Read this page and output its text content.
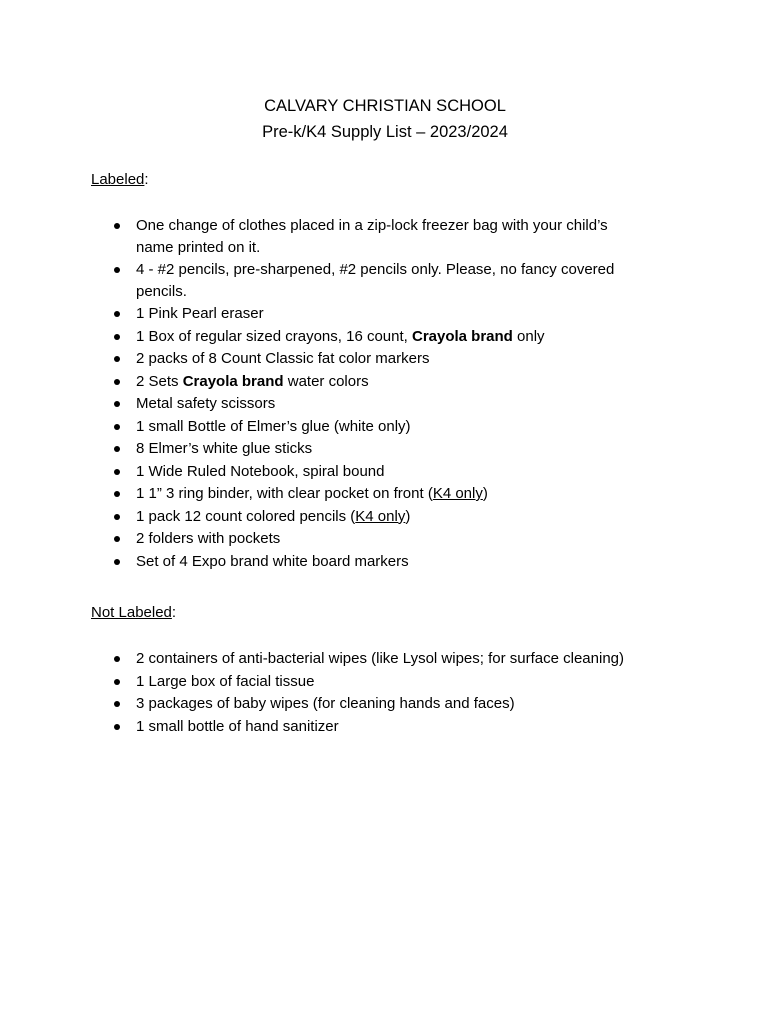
CALVARY CHRISTIAN SCHOOL
Pre-k/K4 Supply List – 2023/2024
Labeled:
One change of clothes placed in a zip-lock freezer bag with your child’s
name printed on it.
4 - #2 pencils, pre-sharpened, #2 pencils only. Please, no fancy covered
pencils.
1 Pink Pearl eraser
1 Box of regular sized crayons, 16 count, Crayola brand only
2 packs of 8 Count Classic fat color markers
2 Sets Crayola brand water colors
Metal safety scissors
1 small Bottle of Elmer’s glue (white only)
8 Elmer’s white glue sticks
1 Wide Ruled Notebook, spiral bound
1 1” 3 ring binder, with clear pocket on front (K4 only)
1 pack 12 count colored pencils (K4 only)
2 folders with pockets
Set of 4 Expo brand white board markers
Not Labeled:
2 containers of anti-bacterial wipes (like Lysol wipes; for surface cleaning)
1 Large box of facial tissue
3 packages of baby wipes (for cleaning hands and faces)
1 small bottle of hand sanitizer
